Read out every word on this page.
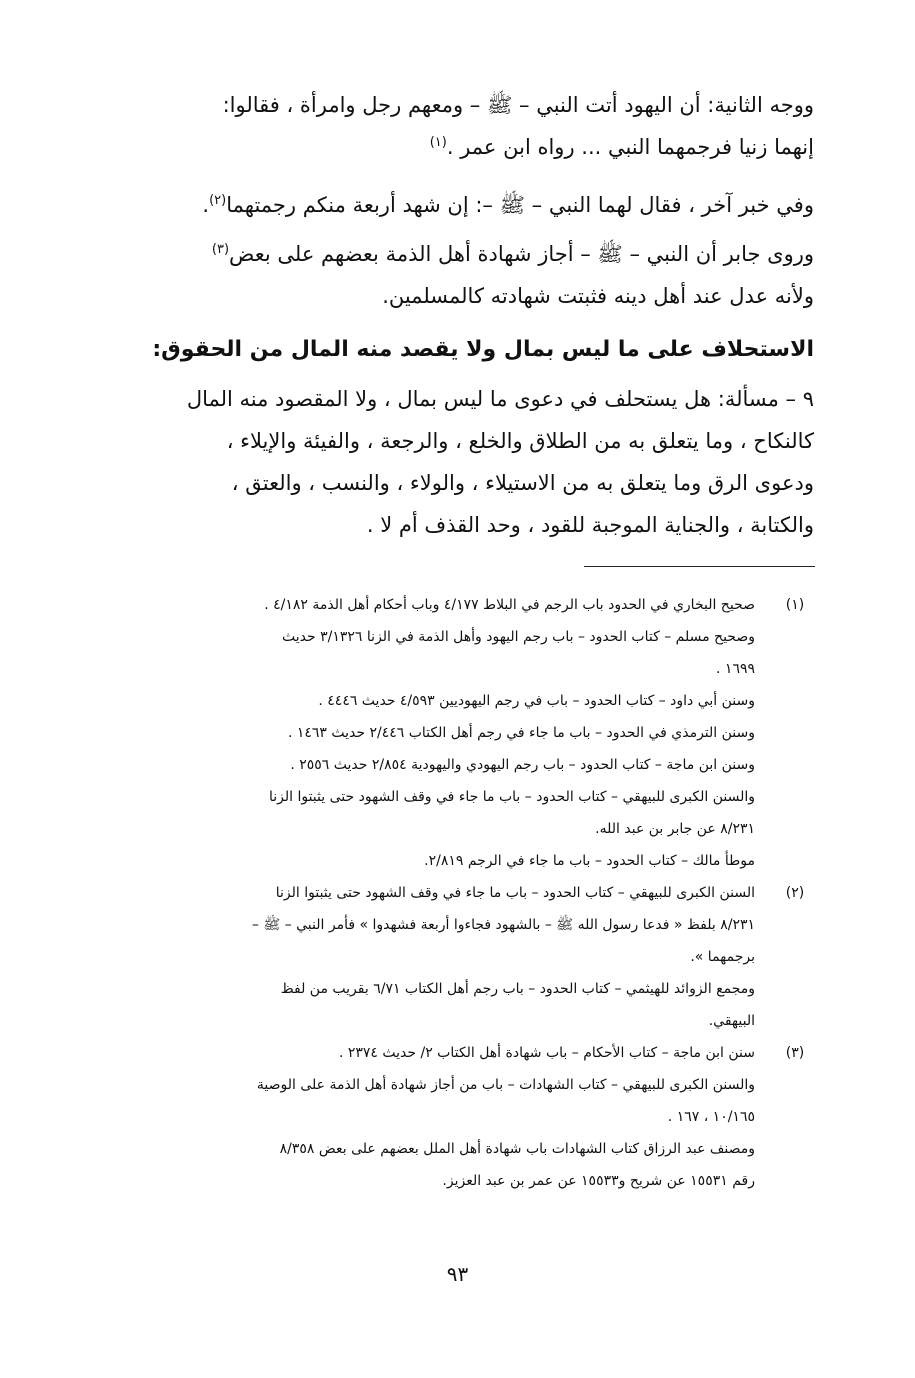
ووجه الثانية: أن اليهود أتت النبي – ﷺ – ومعهم رجل وامرأة ، فقالوا:

إنهما زنيا فرجمهما النبي ... رواه ابن عمر .$^{(١)}$

وفي خبر آخر ، فقال لهما النبي – ﷺ –: إن شهد أربعة منكم رجمتهما$^{(٢)}$.

وروى جابر أن النبي – ﷺ – أجاز شهادة أهل الذمة بعضهم على بعض$^{(٣)}$

ولأنه عدل عند أهل دينه فثبتت شهادته كالمسلمين.

الاستحلاف على ما ليس بمال ولا يقصد منه المال من الحقوق:

٩ – مسألة: هل يستحلف في دعوى ما ليس بمال ، ولا المقصود منه المال

كالنكاح ، وما يتعلق به من الطلاق والخلع ، والرجعة ، والفيئة والإيلاء ،

ودعوى الرق وما يتعلق به من الاستيلاء ، والولاء ، والنسب ، والعتق ،

والكتابة ، والجناية الموجبة للقود ، وحد القذف أم لا .

(١)
صحيح البخاري في الحدود باب الرجم في البلاط ٤/١٧٧ وباب أحكام أهل الذمة ٤/١٨٢ .
وصحيح مسلم – كتاب الحدود – باب رجم اليهود وأهل الذمة في الزنا ٣/١٣٢٦ حديث
١٦٩٩ .
وسنن أبي داود – كتاب الحدود – باب في رجم اليهوديين ٤/٥٩٣ حديث ٤٤٤٦ .
وسنن الترمذي في الحدود – باب ما جاء في رجم أهل الكتاب ٢/٤٤٦ حديث ١٤٦٣ .
وسنن ابن ماجة – كتاب الحدود – باب رجم اليهودي واليهودية ٢/٨٥٤ حديث ٢٥٥٦ .
والسنن الكبرى للبيهقي – كتاب الحدود – باب ما جاء في وقف الشهود حتى يثبتوا الزنا
٨/٢٣١ عن جابر بن عبد الله.
موطأ مالك – كتاب الحدود – باب ما جاء في الرجم ٢/٨١٩.
(٢)
السنن الكبرى للبيهقي – كتاب الحدود – باب ما جاء في وقف الشهود حتى يثبتوا الزنا
٨/٢٣١ بلفظ « فدعا رسول الله ﷺ – بالشهود فجاءوا أربعة فشهدوا » فأمر النبي – ﷺ –
برجمهما ».
ومجمع الزوائد للهيثمي – كتاب الحدود – باب رجم أهل الكتاب ٦/٧١ بقريب من لفظ
البيهقي.
(٣)
سنن ابن ماجة – كتاب الأحكام – باب شهادة أهل الكتاب ٢/ حديث ٢٣٧٤ .
والسنن الكبرى للبيهقي – كتاب الشهادات – باب من أجاز شهادة أهل الذمة على الوصية
١٠/١٦٥ ، ١٦٧ .
ومصنف عبد الرزاق كتاب الشهادات باب شهادة أهل الملل بعضهم على بعض ٨/٣٥٨
رقم ١٥٥٣١ عن شريح و١٥٥٣٣ عن عمر بن عبد العزيز.
٩٣
